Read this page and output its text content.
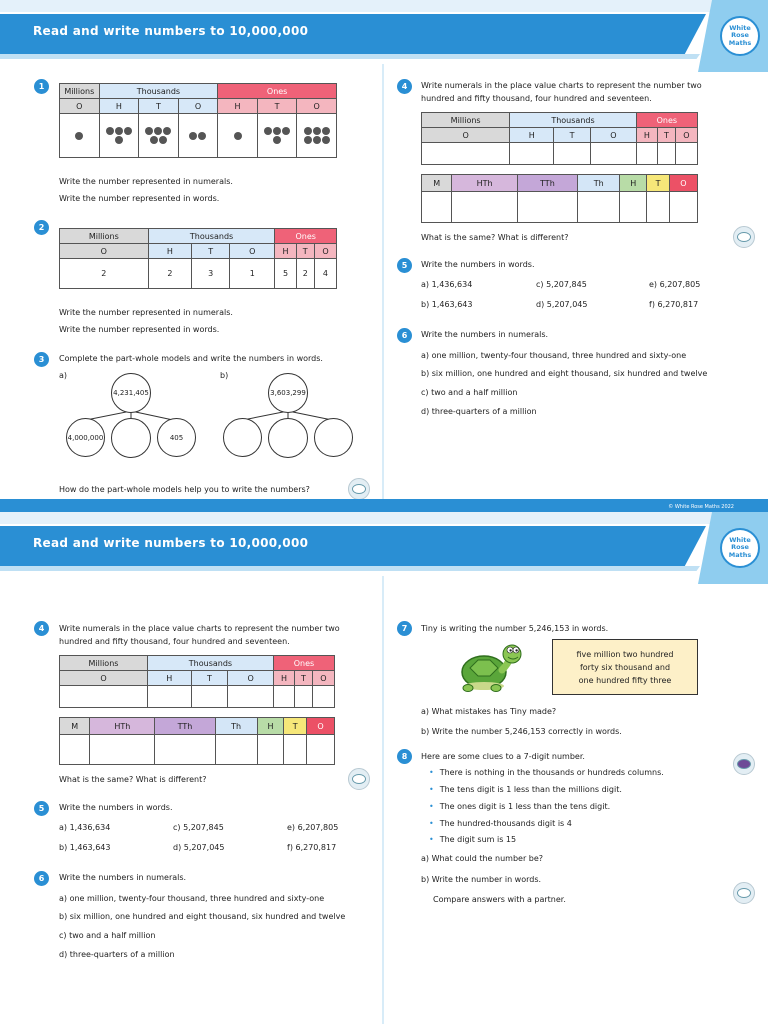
Read and write numbers to 10,000,000	White
Rose
Maths
1	Millions	Thousands			Ones		
O	H	T	O	H	T	O

Write the number represented in numerals.
Write the number represented in words.
2
Millions	Thousands			Ones		
O	H	T	O	H	T	O
2	2	3	1	5	2	4
Write the number represented in numerals.
Write the number represented in words.
3	Complete the part-whole models and write the numbers in words.
a)	b)
4,231,405
4,000,000	405
3,603,299
How do the part-whole models help you to write the numbers?
4	Write numerals in the place value charts to represent the number two
hundred and fifty thousand, four hundred and seventeen.
Millions	Thousands			Ones		
O	H	T	O	H	T	O

M	HTh	TTh	Th	H	T	O

What is the same? What is different?
5	Write the numbers in words.
a) 1,436,634	c) 5,207,845	e) 6,207,805
b) 1,463,643	d) 5,207,045	f) 6,270,817
6	Write the numbers in numerals.
a) one million, twenty-four thousand, three hundred and sixty-one
b) six million, one hundred and eight thousand, six hundred and twelve
c) two and a half million
d) three-quarters of a million
© White Rose Maths 2022
Read and write numbers to 10,000,000	White
Rose
Maths
4	Write numerals in the place value charts to represent the number two
hundred and fifty thousand, four hundred and seventeen.
Millions	Thousands			Ones		
O	H	T	O	H	T	O

M	HTh	TTh	Th	H	T	O

What is the same? What is different?
5	Write the numbers in words.
a) 1,436,634	c) 5,207,845	e) 6,207,805
b) 1,463,643	d) 5,207,045	f) 6,270,817
6	Write the numbers in numerals.
a) one million, twenty-four thousand, three hundred and sixty-one
b) six million, one hundred and eight thousand, six hundred and twelve
c) two and a half million
d) three-quarters of a million
7	Tiny is writing the number 5,246,153 in words.
five million two hundred
forty six thousand and
one hundred fifty three
a) What mistakes has Tiny made?
b) Write the number 5,246,153 correctly in words.
8	Here are some clues to a 7-digit number.
• There is nothing in the thousands or hundreds columns.
• The tens digit is 1 less than the millions digit.
• The ones digit is 1 less than the tens digit.
• The hundred-thousands digit is 4
• The digit sum is 15
a) What could the number be?
b) Write the number in words.
Compare answers with a partner.
